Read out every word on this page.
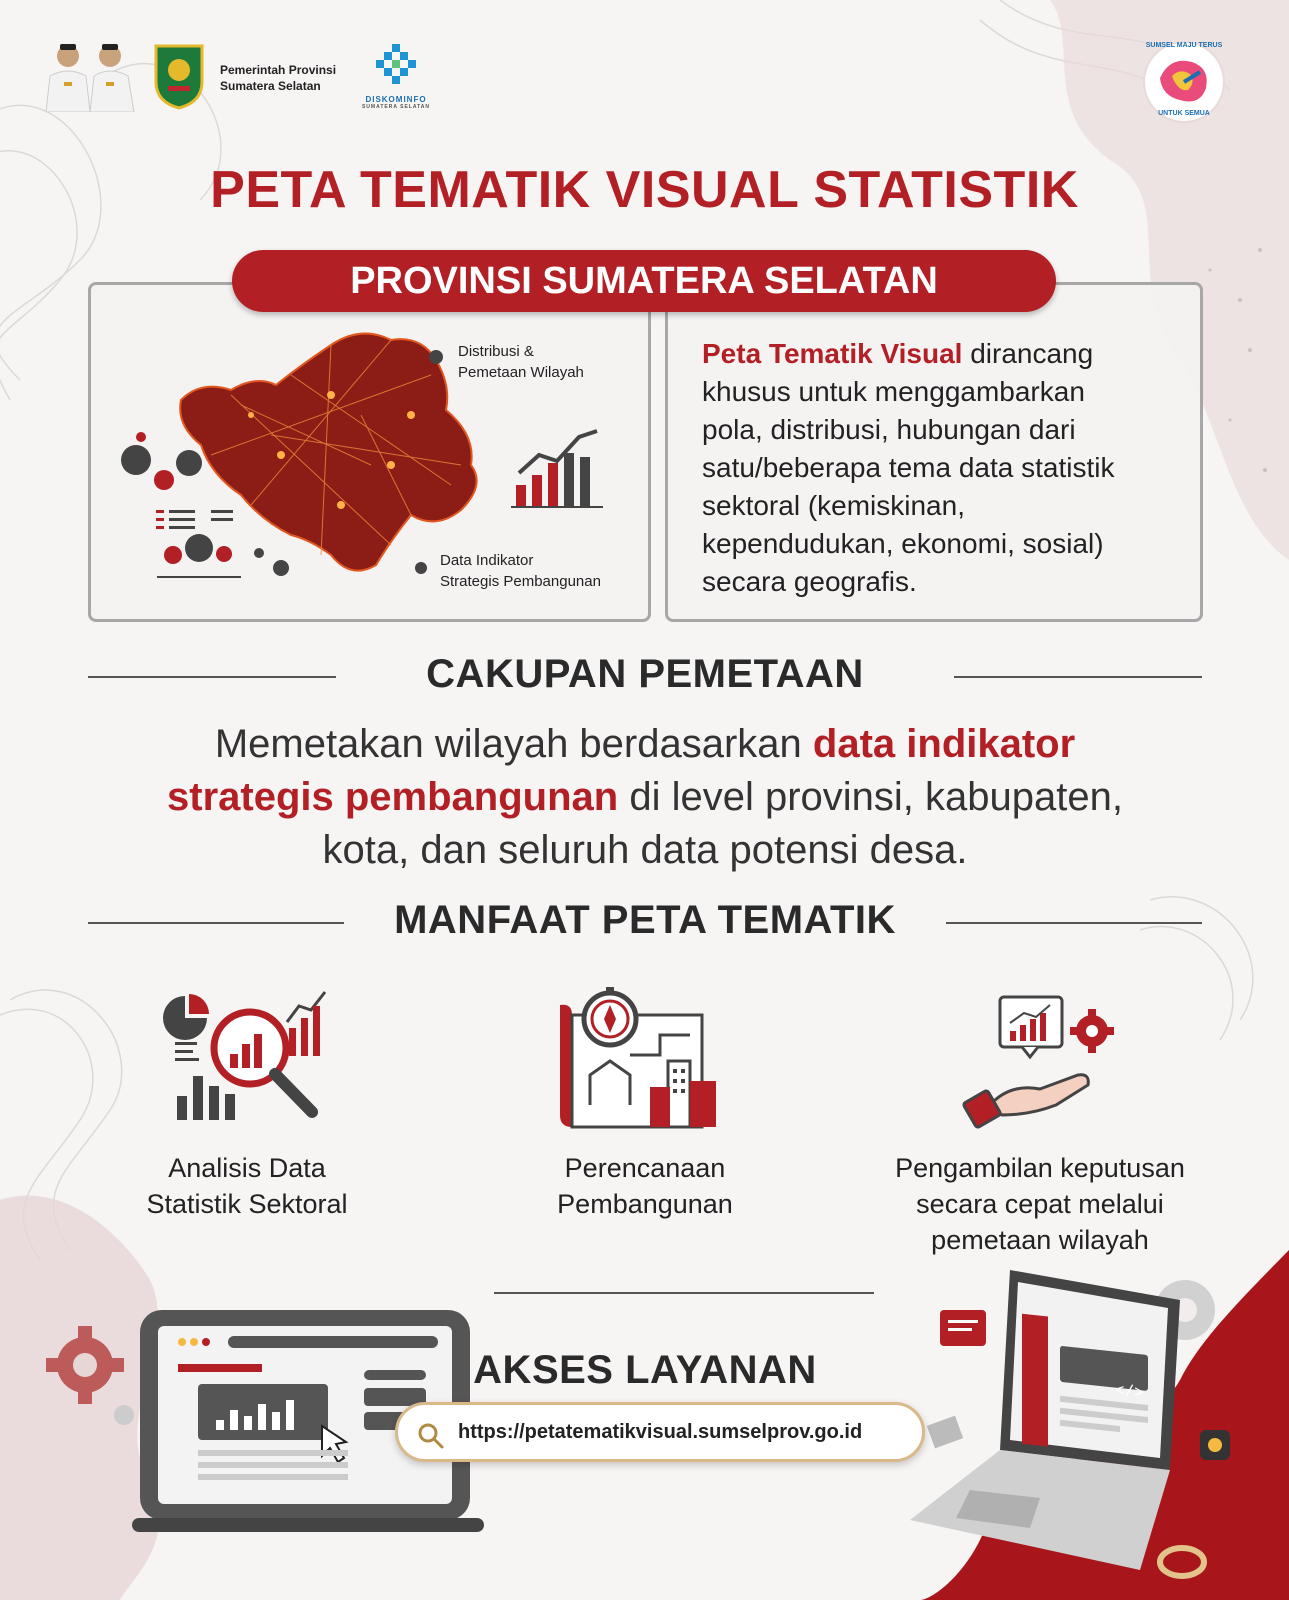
Pemerintah Provinsi
Sumatera Selatan
DISKOMINFO
SUMATERA SELATAN
SUMSEL MAJU TERUS
UNTUK SEMUA
PETA TEMATIK VISUAL STATISTIK
Distribusi &
Pemetaan Wilayah
Data Indikator
Strategis Pembangunan
Peta Tematik Visual dirancang
khusus untuk menggambarkan
pola, distribusi, hubungan dari
satu/beberapa tema data statistik
sektoral (kemiskinan,
kependudukan, ekonomi, sosial)
secara geografis.
PROVINSI SUMATERA SELATAN
CAKUPAN PEMETAAN
Memetakan wilayah berdasarkan data indikator
strategis pembangunan di level provinsi, kabupaten,
kota, dan seluruh data potensi desa.
MANFAAT PETA TEMATIK
Analisis Data
Statistik Sektoral
Perencanaan
Pembangunan
Pengambilan keputusan
secara cepat melalui
pemetaan wilayah
</>
AKSES LAYANAN
https://petatematikvisual.sumselprov.go.id
